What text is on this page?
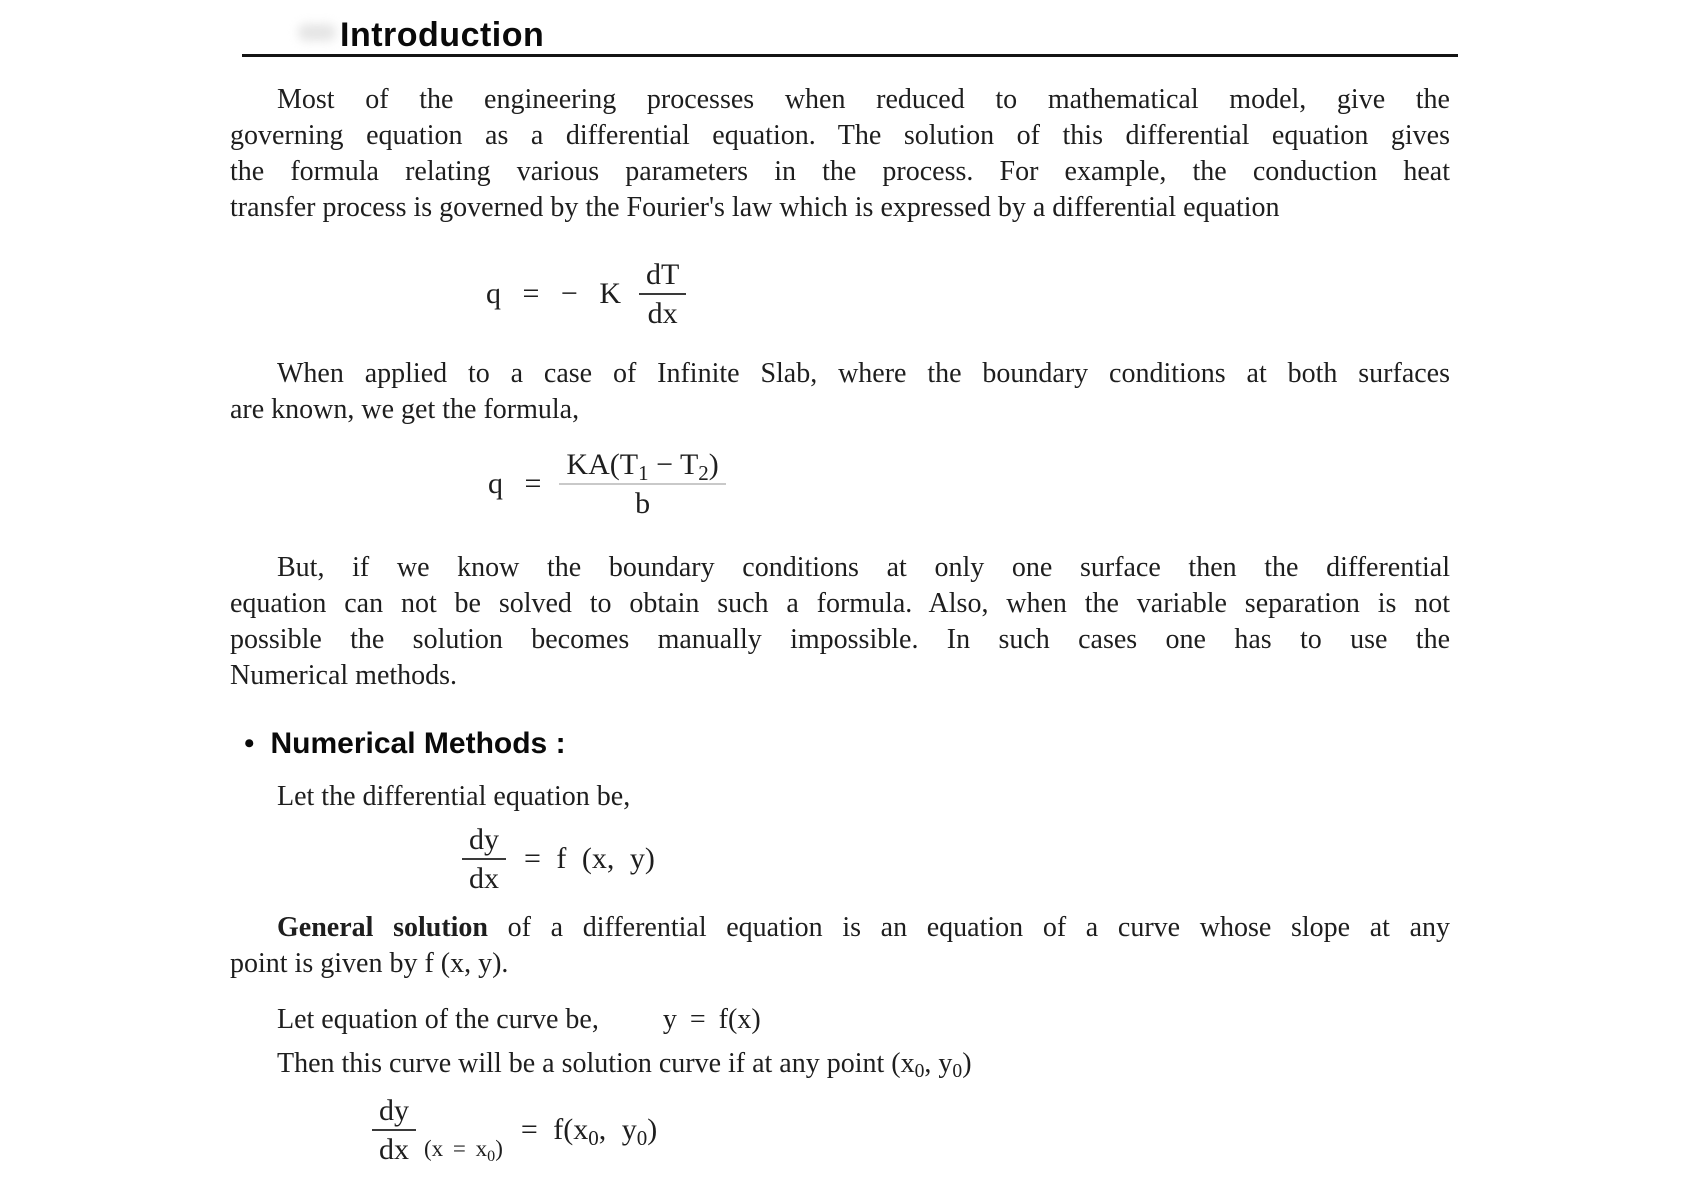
Introduction
Most of the engineering processes when reduced to mathematical model, give the
governing equation as a differential equation. The solution of this differential equation gives
the formula relating various parameters in the process. For example, the conduction heat
transfer process is governed by the Fourier's law which is expressed by a differential equation
q = − K $\frac{dT}{dx}$
When applied to a case of Infinite Slab, where the boundary conditions at both surfaces
are known, we get the formula,
$q = \frac{KA(T1 - T2)}{b}$
But, if we know the boundary conditions at only one surface then the differential
equation can not be solved to obtain such a formula. Also, when the variable separation is not
possible the solution becomes manually impossible. In such cases one has to use the
Numerical methods.
• Numerical Methods :
Let the differential equation be,
$\frac{dy}{dx} = f$ (x, y)
General solution of a differential equation is an equation of a curve whose slope at any
point is given by f (x, y).
Let equation of the curve be, y = f(x)
Then this curve will be a solution curve if at any point (x 0 , y 0 )
$\frac{dy}{dx} (x = x0)$
= f(x0, y0)
